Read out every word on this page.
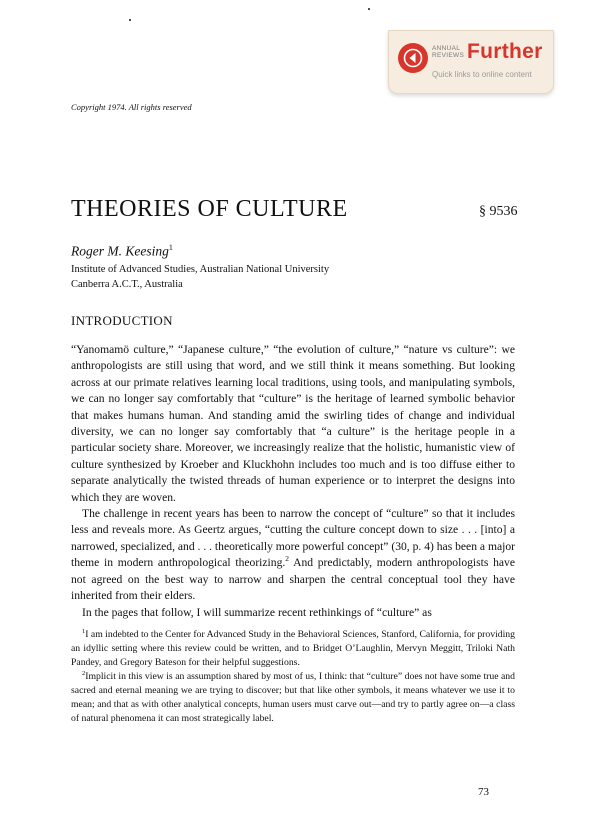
ANNUAL
REVIEWS Further
Quick links to online content
Copyright 1974. All rights reserved
THEORIES OF CULTURE	§ 9536
Roger M. Keesing$^1$
Institute of Advanced Studies, Australian National University
Canberra A.C.T., Australia
INTRODUCTION

“Yanomamö culture,” “Japanese culture,” “the evolution of culture,” “nature vs culture”: we anthropologists are still using that word, and we still think it means something. But looking across at our primate relatives learning local traditions, using tools, and manipulating symbols, we can no longer say comfortably that “culture” is the heritage of learned symbolic behavior that makes humans human. And standing amid the swirling tides of change and individual diversity, we can no longer say comfortably that “a culture” is the heritage people in a particular society share. Moreover, we increasingly realize that the holistic, humanistic view of culture synthesized by Kroeber and Kluckhohn includes too much and is too diffuse either to separate analytically the twisted threads of human experience or to interpret the designs into which they are woven.

The challenge in recent years has been to narrow the concept of “culture” so that it includes less and reveals more. As Geertz argues, “cutting the culture concept down to size . . . [into] a narrowed, specialized, and . . . theoretically more powerful concept” (30, p. 4) has been a major theme in modern anthropological theorizing.$^2$ And predictably, modern anthropologists have not agreed on the best way to narrow and sharpen the central conceptual tool they have inherited from their elders.

In the pages that follow, I will summarize recent rethinkings of “culture” as

$^1$I am indebted to the Center for Advanced Study in the Behavioral Sciences, Stanford, California, for providing an idyllic setting where this review could be written, and to Bridget O’Laughlin, Mervyn Meggitt, Triloki Nath Pandey, and Gregory Bateson for their helpful suggestions.

$^2$Implicit in this view is an assumption shared by most of us, I think: that “culture” does not have some true and sacred and eternal meaning we are trying to discover; but that like other symbols, it means whatever we use it to mean; and that as with other analytical concepts, human users must carve out—and try to partly agree on—a class of natural phenomena it can most strategically label.

73
